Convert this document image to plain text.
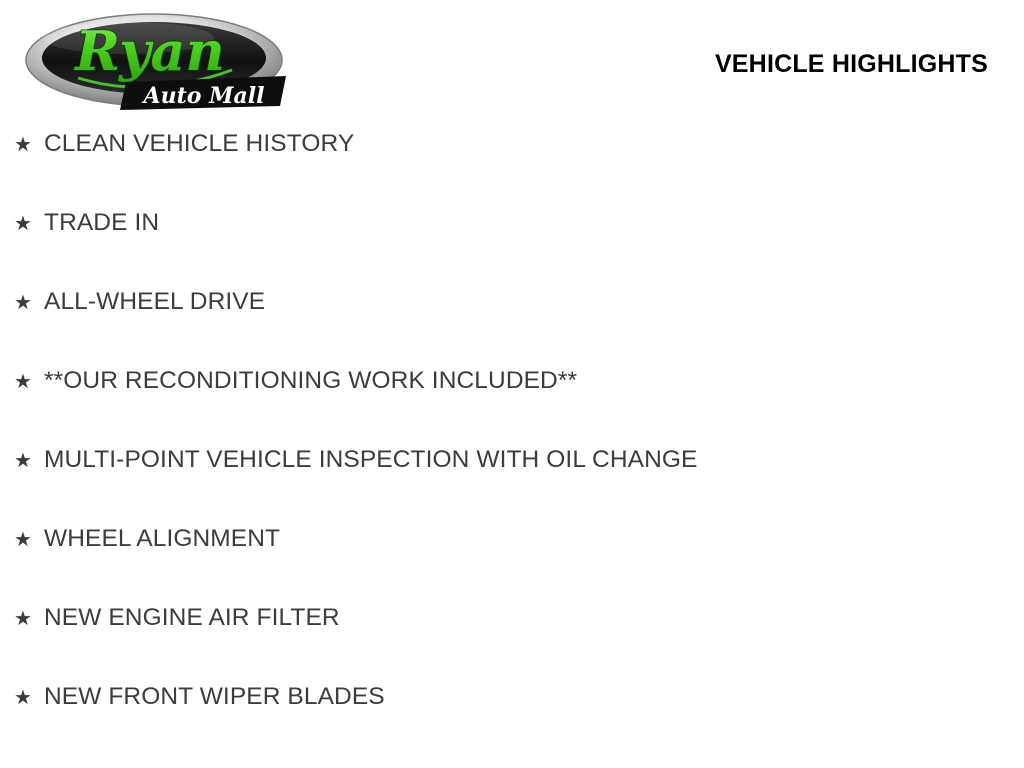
Ryan
Auto Mall
VEHICLE HIGHLIGHTS
★ CLEAN VEHICLE HISTORY
★ TRADE IN
★ ALL-WHEEL DRIVE
★ **OUR RECONDITIONING WORK INCLUDED**
★ MULTI-POINT VEHICLE INSPECTION WITH OIL CHANGE
★ WHEEL ALIGNMENT
★ NEW ENGINE AIR FILTER
★ NEW FRONT WIPER BLADES
